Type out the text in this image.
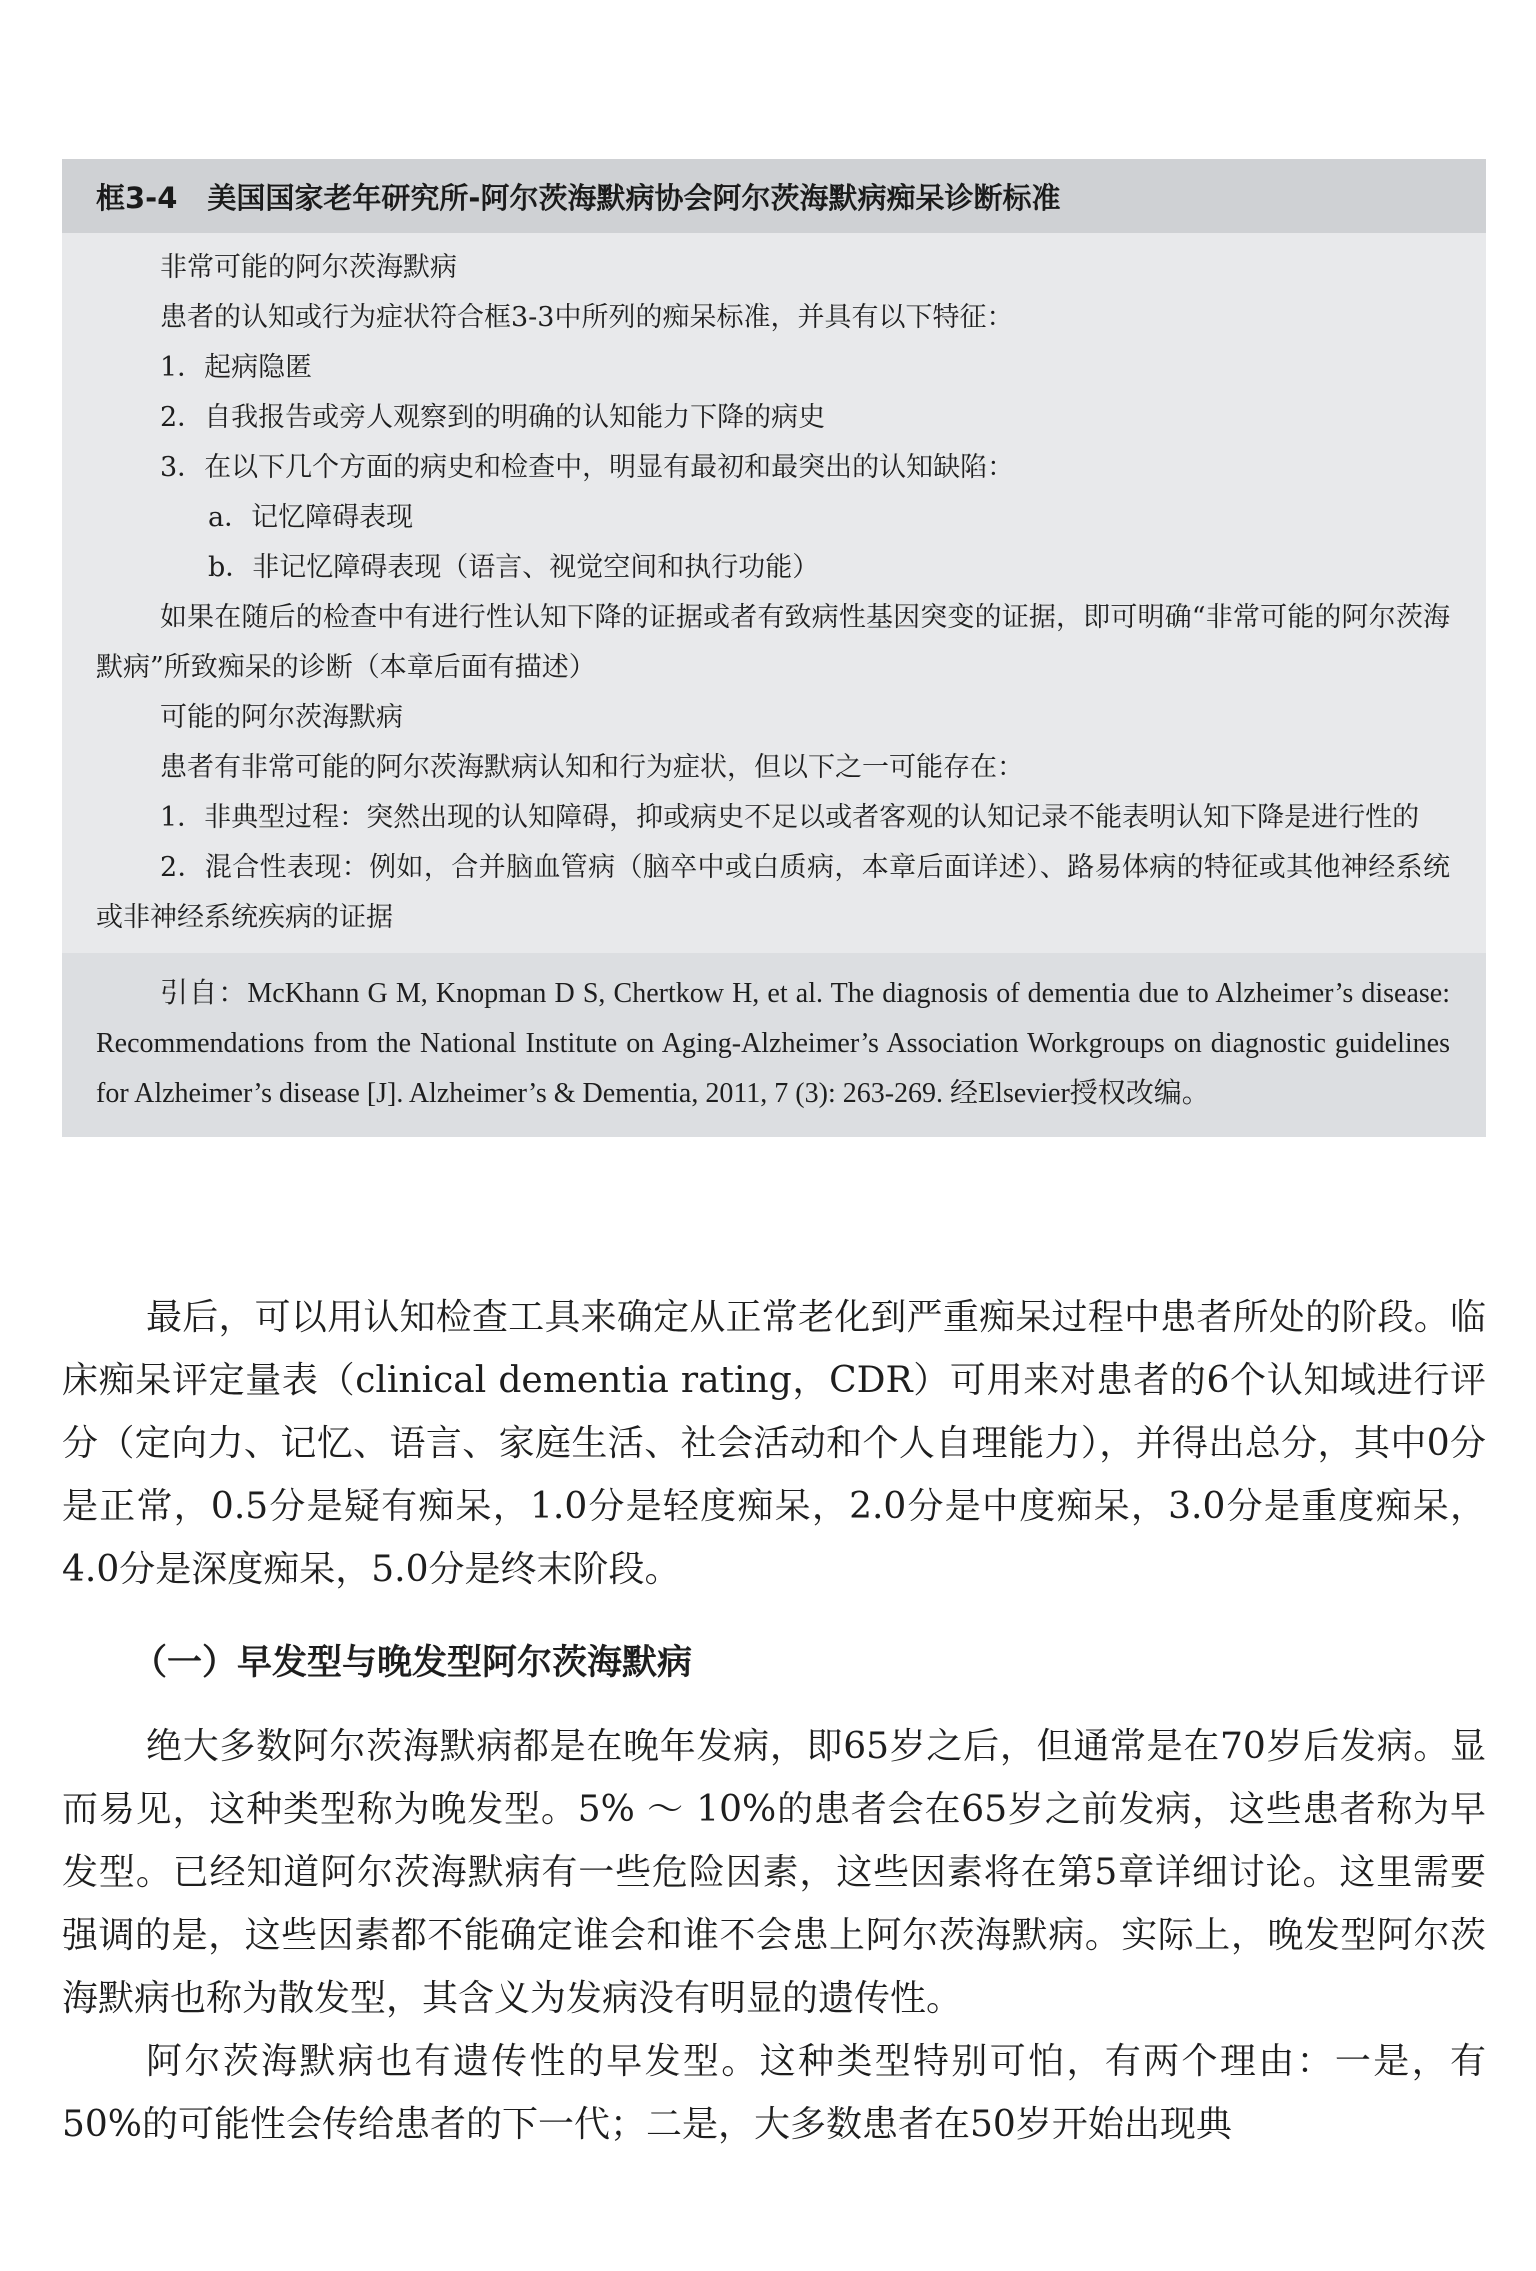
框3-4 美国国家老年研究所-阿尔茨海默病协会阿尔茨海默病痴呆诊断标准

非常可能的阿尔茨海默病

患者的认知或行为症状符合框3-3中所列的痴呆标准，并具有以下特征：

1．起病隐匿

2．自我报告或旁人观察到的明确的认知能力下降的病史

3．在以下几个方面的病史和检查中，明显有最初和最突出的认知缺陷：

a．记忆障碍表现

b．非记忆障碍表现（语言、视觉空间和执行功能）

如果在随后的检查中有进行性认知下降的证据或者有致病性基因突变的证据，即可明确“非常可能的阿尔茨海默病”所致痴呆的诊断（本章后面有描述）

可能的阿尔茨海默病

患者有非常可能的阿尔茨海默病认知和行为症状，但以下之一可能存在：

1．非典型过程：突然出现的认知障碍，抑或病史不足以或者客观的认知记录不能表明认知下降是进行性的

2．混合性表现：例如，合并脑血管病（脑卒中或白质病，本章后面详述）、路易体病的特征或其他神经系统或非神经系统疾病的证据

引自：McKhann G M, Knopman D S, Chertkow H, et al. The diagnosis of dementia due to Alzheimer’s disease: Recommendations from the National Institute on Aging-Alzheimer’s Association Workgroups on diagnostic guidelines for Alzheimer’s disease [J]. Alzheimer’s & Dementia, 2011, 7 (3): 263-269. 经Elsevier授权改编。

最后，可以用认知检查工具来确定从正常老化到严重痴呆过程中患者所处的阶段。临床痴呆评定量表（clinical dementia rating，CDR）可用来对患者的6个认知域进行评分（定向力、记忆、语言、家庭生活、社会活动和个人自理能力），并得出总分，其中0分是正常，0.5分是疑有痴呆，1.0分是轻度痴呆，2.0分是中度痴呆，3.0分是重度痴呆，4.0分是深度痴呆，5.0分是终末阶段。

（一）早发型与晚发型阿尔茨海默病

绝大多数阿尔茨海默病都是在晚年发病，即65岁之后，但通常是在70岁后发病。显而易见，这种类型称为晚发型。5% ～ 10%的患者会在65岁之前发病，这些患者称为早发型。已经知道阿尔茨海默病有一些危险因素，这些因素将在第5章详细讨论。这里需要强调的是，这些因素都不能确定谁会和谁不会患上阿尔茨海默病。实际上，晚发型阿尔茨海默病也称为散发型，其含义为发病没有明显的遗传性。

阿尔茨海默病也有遗传性的早发型。这种类型特别可怕，有两个理由：一是，有50%的可能性会传给患者的下一代；二是，大多数患者在50岁开始出现典
